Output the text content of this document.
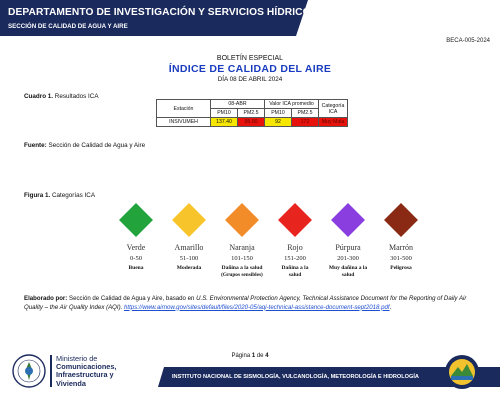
DEPARTAMENTO DE INVESTIGACIÓN Y SERVICIOS HÍDRICOS
SECCIÓN DE CALIDAD DE AGUA Y AIRE
BECA-005-2024
BOLETÍN ESPECIAL
ÍNDICE DE CALIDAD DEL AIRE
DÍA 08 DE ABRIL 2024
Cuadro 1. Resultados ICA
Estación	08-ABR		Valor ICA promedio		Categoría ICA
	PM10	PM2.5	PM10	PM2.5	
INSIVUMEH	137.40	95.00	92	172	Muy Mala
Fuente: Sección de Calidad de Agua y Aire
Figura 1. Categorías ICA
Verde
0-50
Buena
Amarillo
51-100
Moderada
Naranja
101-150
Dañina a la salud
(Grupos sensibles)
Rojo
151-200
Dañina a la salud
Púrpura
201-300
Muy dañina a la salud
Marrón
301-500
Peligrosa
Elaborado por: Sección de Calidad de Agua y Aire, basado en U.S. Environmental Protection Agency, Technical Assistance Document for the Reporting of Daily Air Quality – the Air Quality Index (AQI). https://www.airnow.gov/sites/default/files/2020-05/aqi-technical-assistance-document-sept2018.pdf.
Página 1 de 4
Ministerio de
Comunicaciones,
Infraestructura y
Vivienda
INSTITUTO NACIONAL DE SISMOLOGÍA, VULCANOLOGÍA, METEOROLOGÍA E HIDROLOGÍA
